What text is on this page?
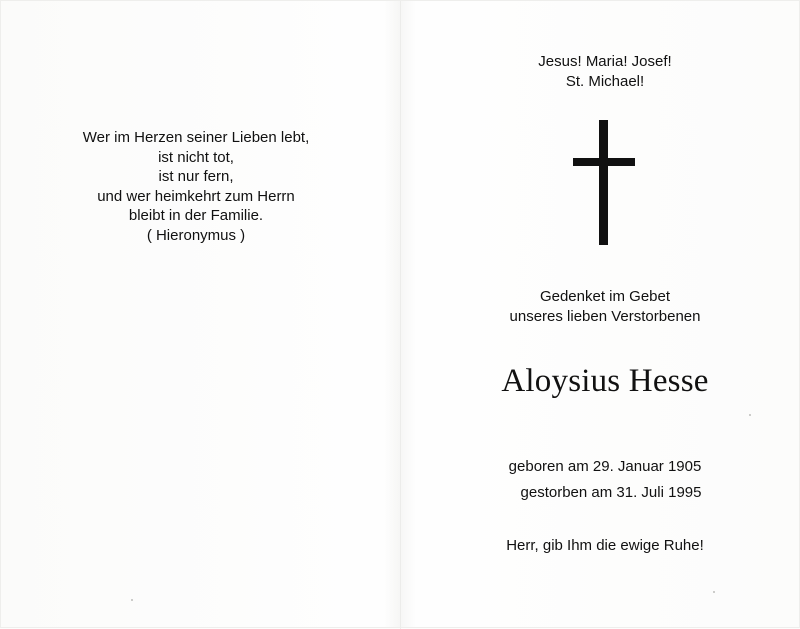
Wer im Herzen seiner Lieben lebt,
ist nicht tot,
ist nur fern,
und wer heimkehrt zum Herrn
bleibt in der Familie.
( Hieronymus )
Jesus! Maria! Josef!
St. Michael!
Gedenket im Gebet
unseres lieben Verstorbenen
Aloysius Hesse
geboren am 29. Januar 1905
gestorben am 31. Juli 1995
Herr, gib Ihm die ewige Ruhe!
